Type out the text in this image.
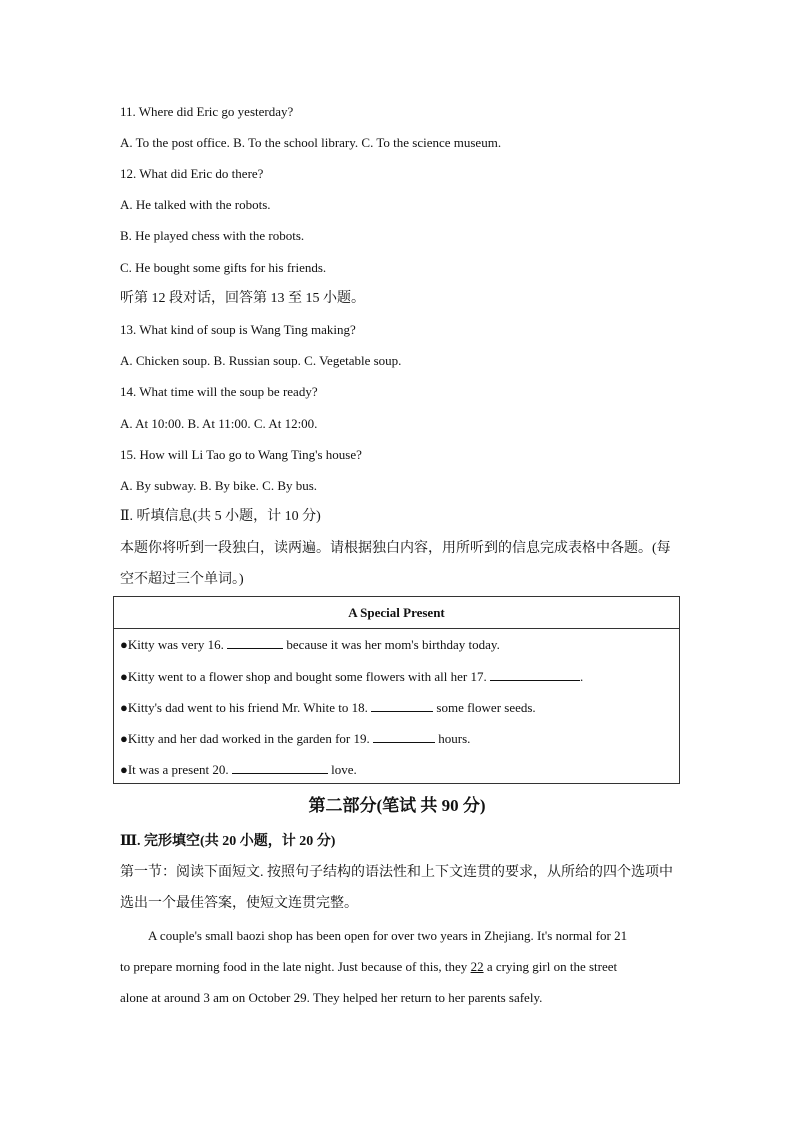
11. Where did Eric go yesterday?
A. To the post office. B. To the school library. C. To the science museum.
12. What did Eric do there?
A. He talked with the robots.
B. He played chess with the robots.
C. He bought some gifts for his friends.
听第 12 段对话，回答第 13 至 15 小题。
13. What kind of soup is Wang Ting making?
A. Chicken soup. B. Russian soup. C. Vegetable soup.
14. What time will the soup be ready?
A. At 10:00. B. At 11:00. C. At 12:00.
15. How will Li Tao go to Wang Ting's house?
A. By subway. B. By bike. C. By bus.
Ⅱ. 听填信息(共 5 小题，计 10 分)
本题你将听到一段独白，读两遍。请根据独白内容，用所听到的信息完成表格中各题。(每
空不超过三个单词。)
A Special Present
●Kitty was very 16.	because it was her mom's birthday today.
●Kitty went to a flower shop and bought some flowers with all her 17.	.
●Kitty's dad went to his friend Mr. White to 18.	some flower seeds.
●Kitty and her dad worked in the garden for 19.	hours.
●It was a present 20.	love.
第二部分(笔试 共 90 分)
Ⅲ. 完形填空(共 20 小题，计 20 分)
第一节：阅读下面短文. 按照句子结构的语法性和上下文连贯的要求，从所给的四个选项中
选出一个最佳答案，使短文连贯完整。
A couple's small baozi shop has been open for over two years in Zhejiang. It's normal for 21
to prepare morning food in the late night. Just because of this, they 22 a crying girl on the street
alone at around 3 am on October 29. They helped her return to her parents safely.
